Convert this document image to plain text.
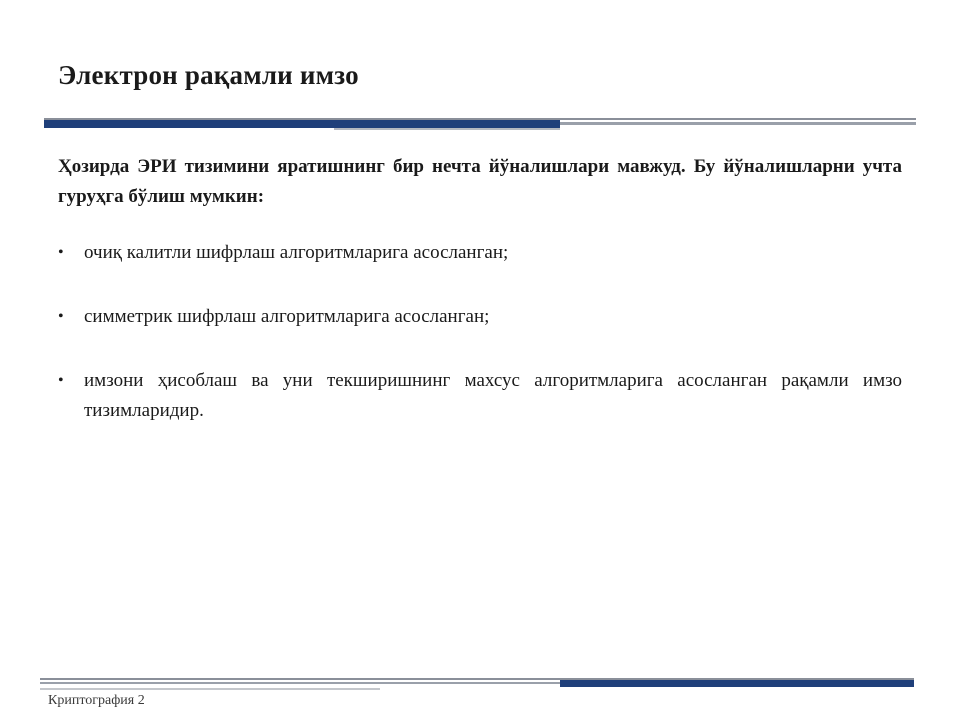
Электрон рақамли имзо

Ҳозирда ЭРИ тизимини яратишнинг бир нечта йўналишлари мавжуд. Бу йўналишларни учта гуруҳга бўлиш мумкин:

• очиқ калитли шифрлаш алгоритмларига асосланган;
• симметрик шифрлаш алгоритмларига асосланган;
• имзони ҳисоблаш ва уни текширишнинг махсус алгоритмларига асосланган рақамли имзо тизимларидир.
Криптография 2
